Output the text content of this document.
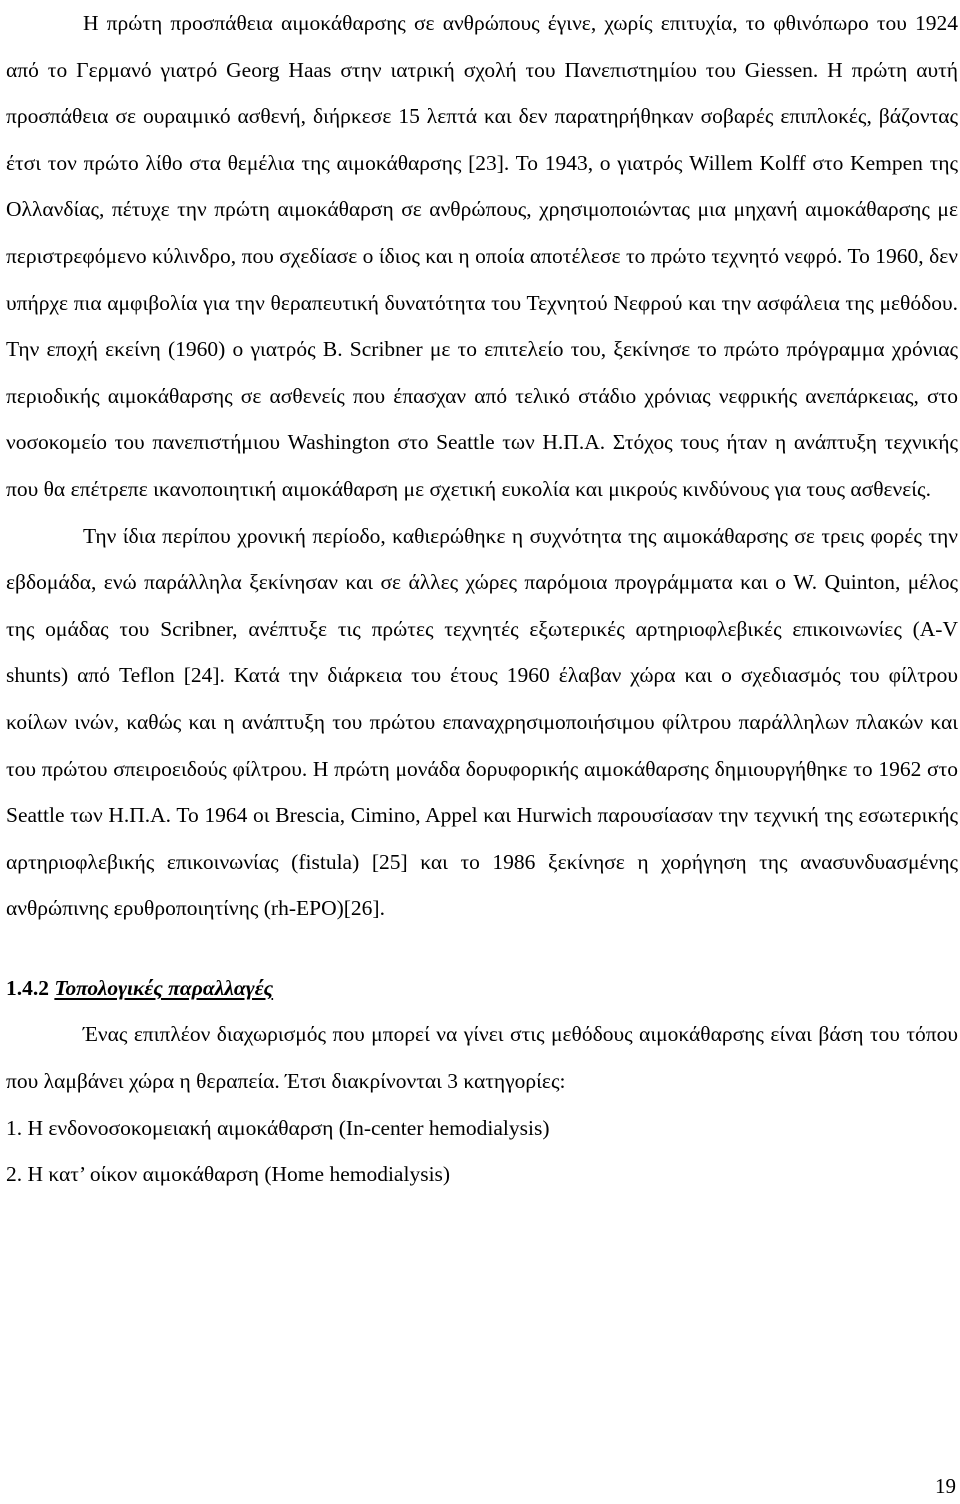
Η πρώτη προσπάθεια αιμοκάθαρσης σε ανθρώπους έγινε, χωρίς επιτυχία, το φθινόπωρο του 1924 από το Γερμανό γιατρό Georg Haas στην ιατρική σχολή του Πανεπιστημίου του Giessen. Η πρώτη αυτή προσπάθεια σε ουραιμικό ασθενή, διήρκεσε 15 λεπτά και δεν παρατηρήθηκαν σοβαρές επιπλοκές, βάζοντας έτσι τον πρώτο λίθο στα θεμέλια της αιμοκάθαρσης [23]. Το 1943, ο γιατρός Willem Kolff στο Kempen της Ολλανδίας, πέτυχε την πρώτη αιμοκάθαρση σε ανθρώπους, χρησιμοποιώντας μια μηχανή αιμοκάθαρσης με περιστρεφόμενο κύλινδρο, που σχεδίασε ο ίδιος και η οποία αποτέλεσε το πρώτο τεχνητό νεφρό. Το 1960, δεν υπήρχε πια αμφιβολία για την θεραπευτική δυνατότητα του Τεχνητού Νεφρού και την ασφάλεια της μεθόδου. Την εποχή εκείνη (1960) ο γιατρός B. Scribner με το επιτελείο του, ξεκίνησε το πρώτο πρόγραμμα χρόνιας περιοδικής αιμοκάθαρσης σε ασθενείς που έπασχαν από τελικό στάδιο χρόνιας νεφρικής ανεπάρκειας, στο νοσοκομείο του πανεπιστήμιου Washington στο Seattle των Η.Π.Α. Στόχος τους ήταν η ανάπτυξη τεχνικής που θα επέτρεπε ικανοποιητική αιμοκάθαρση με σχετική ευκολία και μικρούς κινδύνους για τους ασθενείς.

Την ίδια περίπου χρονική περίοδο, καθιερώθηκε η συχνότητα της αιμοκάθαρσης σε τρεις φορές την εβδομάδα, ενώ παράλληλα ξεκίνησαν και σε άλλες χώρες παρόμοια προγράμματα και ο W. Quinton, μέλος της ομάδας του Scribner, ανέπτυξε τις πρώτες τεχνητές εξωτερικές αρτηριοφλεβικές επικοινωνίες (A-V shunts) από Teflon [24]. Κατά την διάρκεια του έτους 1960 έλαβαν χώρα και ο σχεδιασμός του φίλτρου κοίλων ινών, καθώς και η ανάπτυξη του πρώτου επαναχρησιμοποιήσιμου φίλτρου παράλληλων πλακών και του πρώτου σπειροειδούς φίλτρου. Η πρώτη μονάδα δορυφορικής αιμοκάθαρσης δημιουργήθηκε το 1962 στο Seattle των Η.Π.Α. Το 1964 οι Brescia, Cimino, Appel και Hurwich παρουσίασαν την τεχνική της εσωτερικής αρτηριοφλεβικής επικοινωνίας (fistula) [25] και το 1986 ξεκίνησε η χορήγηση της ανασυνδυασμένης ανθρώπινης ερυθροποιητίνης (rh-EPO)[26].

1.4.2 Τοπολογικές παραλλαγές

Ένας επιπλέον διαχωρισμός που μπορεί να γίνει στις μεθόδους αιμοκάθαρσης είναι βάση του τόπου που λαμβάνει χώρα η θεραπεία. Έτσι διακρίνονται 3 κατηγορίες:

1. Η ενδονοσοκομειακή αιμοκάθαρση (In-center hemodialysis)

2. Η κατ’ οίκον αιμοκάθαρση (Home hemodialysis)

19
